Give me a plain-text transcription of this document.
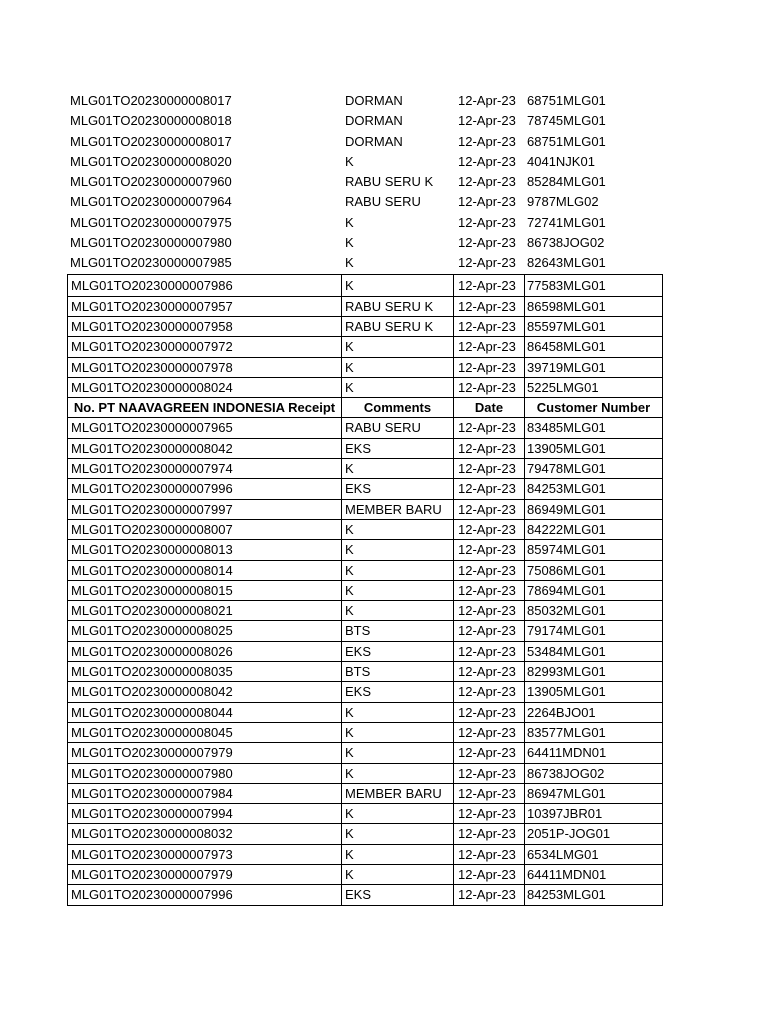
MLG01TO20230000008017	DORMAN	12-Apr-23 68751MLG01
MLG01TO20230000008018	DORMAN	12-Apr-23 78745MLG01
MLG01TO20230000008017	DORMAN	12-Apr-23 68751MLG01
MLG01TO20230000008020	K	12-Apr-23 4041NJK01
MLG01TO20230000007960	RABU SERU K	12-Apr-23 85284MLG01
MLG01TO20230000007964	RABU SERU	12-Apr-23 9787MLG02
MLG01TO20230000007975	K	12-Apr-23 72741MLG01
MLG01TO20230000007980	K	12-Apr-23 86738JOG02
MLG01TO20230000007985	K	12-Apr-23 82643MLG01
MLG01TO20230000007986	K	12-Apr-23 77583MLG01
MLG01TO20230000007957	RABU SERU K	12-Apr-23 86598MLG01
MLG01TO20230000007958	RABU SERU K	12-Apr-23 85597MLG01
MLG01TO20230000007972	K	12-Apr-23 86458MLG01
MLG01TO20230000007978	K	12-Apr-23 39719MLG01
MLG01TO20230000008024	K	12-Apr-23 5225LMG01
No. PT NAAVAGREEN INDONESIA Receipt	Comments	Date	Customer Number
MLG01TO20230000007965	RABU SERU	12-Apr-23 83485MLG01
MLG01TO20230000008042	EKS	12-Apr-23 13905MLG01
MLG01TO20230000007974	K	12-Apr-23 79478MLG01
MLG01TO20230000007996	EKS	12-Apr-23 84253MLG01
MLG01TO20230000007997	MEMBER BARU	12-Apr-23 86949MLG01
MLG01TO20230000008007	K	12-Apr-23 84222MLG01
MLG01TO20230000008013	K	12-Apr-23 85974MLG01
MLG01TO20230000008014	K	12-Apr-23 75086MLG01
MLG01TO20230000008015	K	12-Apr-23 78694MLG01
MLG01TO20230000008021	K	12-Apr-23 85032MLG01
MLG01TO20230000008025	BTS	12-Apr-23 79174MLG01
MLG01TO20230000008026	EKS	12-Apr-23 53484MLG01
MLG01TO20230000008035	BTS	12-Apr-23 82993MLG01
MLG01TO20230000008042	EKS	12-Apr-23 13905MLG01
MLG01TO20230000008044	K	12-Apr-23 2264BJO01
MLG01TO20230000008045	K	12-Apr-23 83577MLG01
MLG01TO20230000007979	K	12-Apr-23 64411MDN01
MLG01TO20230000007980	K	12-Apr-23 86738JOG02
MLG01TO20230000007984	MEMBER BARU	12-Apr-23 86947MLG01
MLG01TO20230000007994	K	12-Apr-23 10397JBR01
MLG01TO20230000008032	K	12-Apr-23 2051P-JOG01
MLG01TO20230000007973	K	12-Apr-23 6534LMG01
MLG01TO20230000007979	K	12-Apr-23 64411MDN01
MLG01TO20230000007996	EKS	12-Apr-23 84253MLG01
